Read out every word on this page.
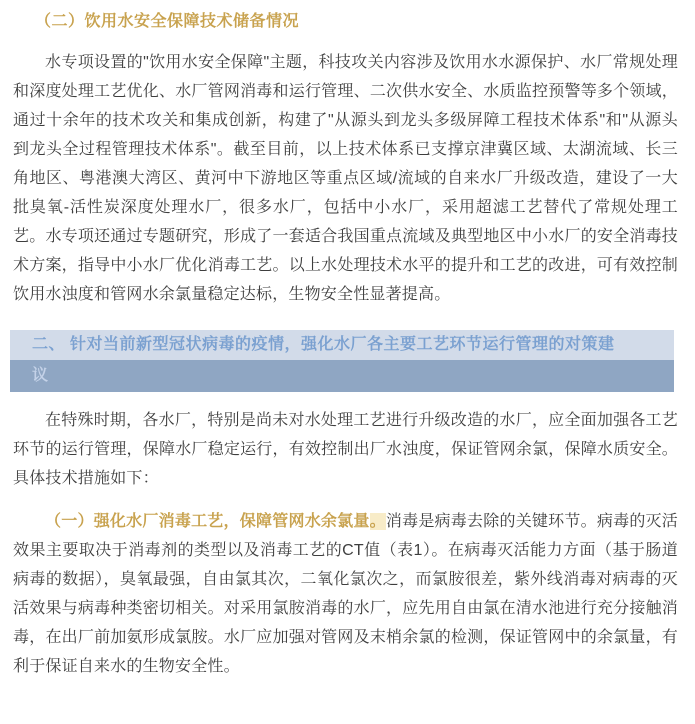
（二）饮用水安全保障技术储备情况

水专项设置的"饮用水安全保障"主题，科技攻关内容涉及饮用水水源保护、水厂常规处理和深度处理工艺优化、水厂管网消毒和运行管理、二次供水安全、水质监控预警等多个领域，通过十余年的技术攻关和集成创新，构建了"从源头到龙头多级屏障工程技术体系"和"从源头到龙头全过程管理技术体系"。截至目前，以上技术体系已支撑京津冀区域、太湖流域、长三角地区、粤港澳大湾区、黄河中下游地区等重点区域/流域的自来水厂升级改造，建设了一大批臭氧-活性炭深度处理水厂，很多水厂，包括中小水厂，采用超滤工艺替代了常规处理工艺。水专项还通过专题研究，形成了一套适合我国重点流域及典型地区中小水厂的安全消毒技术方案，指导中小水厂优化消毒工艺。以上水处理技术水平的提升和工艺的改进，可有效控制饮用水浊度和管网水余氯量稳定达标，生物安全性显著提高。

二、 针对当前新型冠状病毒的疫情，强化水厂各主要工艺环节运行管理的对策建
议

在特殊时期，各水厂，特别是尚未对水处理工艺进行升级改造的水厂，应全面加强各工艺环节的运行管理，保障水厂稳定运行，有效控制出厂水浊度，保证管网余氯，保障水质安全。具体技术措施如下：

（一）强化水厂消毒工艺，保障管网水余氯量。消毒是病毒去除的关键环节。病毒的灭活效果主要取决于消毒剂的类型以及消毒工艺的CT值（表1）。在病毒灭活能力方面（基于肠道病毒的数据），臭氧最强，自由氯其次，二氧化氯次之，而氯胺很差，紫外线消毒对病毒的灭活效果与病毒种类密切相关。对采用氯胺消毒的水厂，应先用自由氯在清水池进行充分接触消毒，在出厂前加氨形成氯胺。水厂应加强对管网及末梢余氯的检测，保证管网中的余氯量，有利于保证自来水的生物安全性。
